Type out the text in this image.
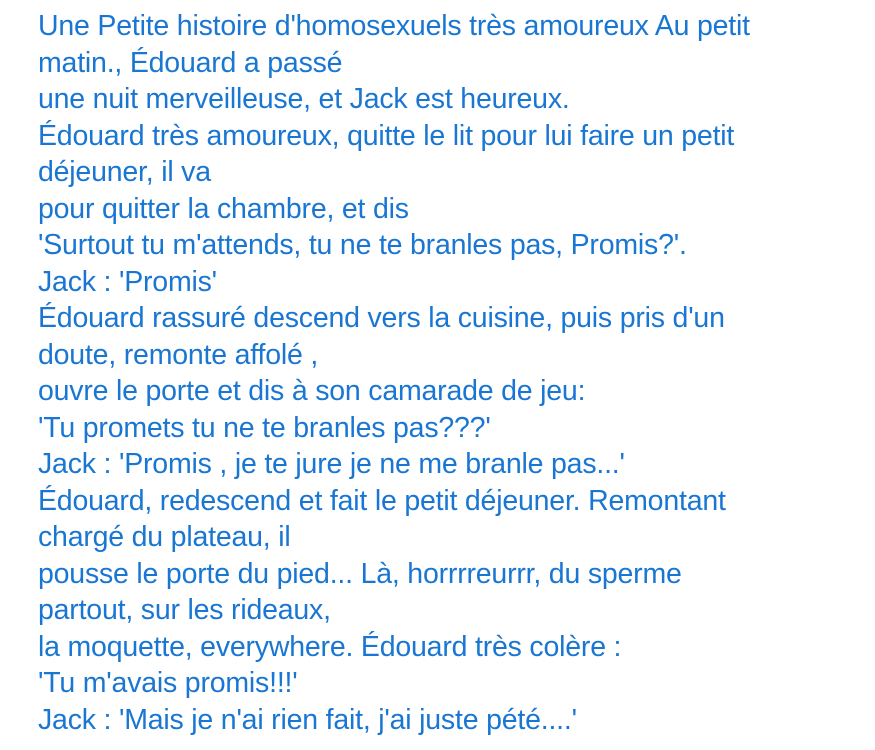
Une Petite histoire d'homosexuels très amoureux Au petit
matin., Édouard a passé
une nuit merveilleuse, et Jack est heureux.
Édouard très amoureux, quitte le lit pour lui faire un petit
déjeuner, il va
pour quitter la chambre, et dis
'Surtout tu m'attends, tu ne te branles pas, Promis?'.
Jack : 'Promis'
Édouard rassuré descend vers la cuisine, puis pris d'un
doute, remonte affolé ,
ouvre le porte et dis à son camarade de jeu:
'Tu promets tu ne te branles pas???'
Jack : 'Promis , je te jure je ne me branle pas...'
Édouard, redescend et fait le petit déjeuner. Remontant
chargé du plateau, il
pousse le porte du pied... Là, horrrreurrr, du sperme
partout, sur les rideaux,
la moquette, everywhere. Édouard très colère :
'Tu m'avais promis!!!'
Jack : 'Mais je n'ai rien fait, j'ai juste pété....'
